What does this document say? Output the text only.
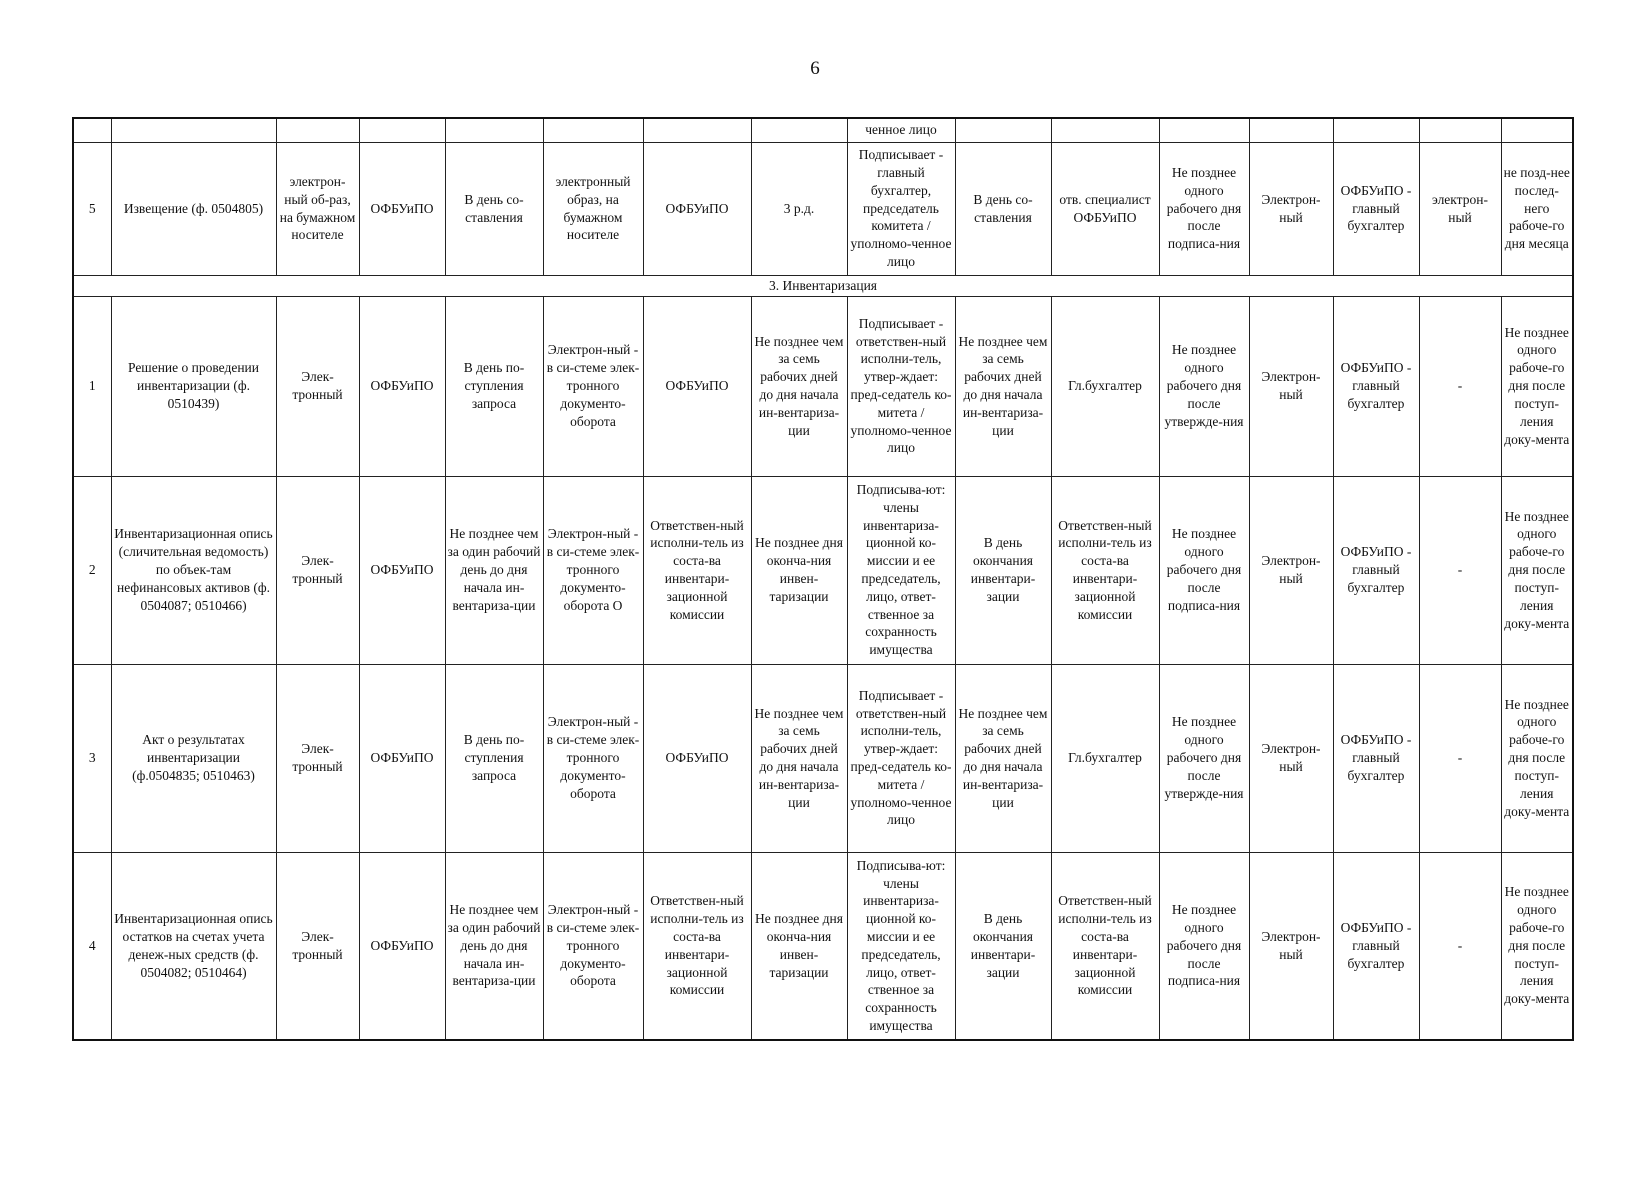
6
								ченное лицо							
5	Извещение (ф. 0504805)	электрон-ный об-раз, на бумажном носителе	ОФБУиПО	В день со-ставления	электронный образ, на бумажном носителе	ОФБУиПО	3 р.д.	Подписывает - главный бухгалтер, председатель комитета / уполномо-ченное лицо	В день со-ставления	отв. специалист ОФБУиПО	Не позднее одного рабочего дня после подписа-ния	Электрон-ный	ОФБУиПО - главный бухгалтер	электрон-ный	не позд-нее послед-него рабоче-го дня месяца
3. Инвентаризация															
1	Решение о проведении инвентаризации (ф. 0510439)	Элек-тронный	ОФБУиПО	В день по-ступления запроса	Электрон-ный - в си-стеме элек-тронного документо-оборота	ОФБУиПО	Не позднее чем за семь рабочих дней до дня начала ин-вентариза-ции	Подписывает - ответствен-ный исполни-тель, утвер-ждает: пред-седатель ко-митета / уполномо-ченное лицо	Не позднее чем за семь рабочих дней до дня начала ин-вентариза-ции	Гл.бухгалтер	Не позднее одного рабочего дня после утвержде-ния	Электрон-ный	ОФБУиПО - главный бухгалтер	-	Не позднее одного рабоче-го дня после поступ-ления доку-мента
2	Инвентаризационная опись (сличительная ведомость) по объек-там нефинансовых активов (ф. 0504087; 0510466)	Элек-тронный	ОФБУиПО	Не позднее чем за один рабочий день до дня начала ин-вентариза-ции	Электрон-ный - в си-стеме элек-тронного документо-оборота О	Ответствен-ный исполни-тель из соста-ва инвентари-зационной комиссии	Не позднее дня оконча-ния инвен-таризации	Подписыва-ют: члены инвентариза-ционной ко-миссии и ее председатель, лицо, ответ-ственное за сохранность имущества	В день окончания инвентари-зации	Ответствен-ный исполни-тель из соста-ва инвентари-зационной комиссии	Не позднее одного рабочего дня после подписа-ния	Электрон-ный	ОФБУиПО - главный бухгалтер	-	Не позднее одного рабоче-го дня после поступ-ления доку-мента
3	Акт о результатах инвентаризации (ф.0504835; 0510463)	Элек-тронный	ОФБУиПО	В день по-ступления запроса	Электрон-ный - в си-стеме элек-тронного документо-оборота	ОФБУиПО	Не позднее чем за семь рабочих дней до дня начала ин-вентариза-ции	Подписывает - ответствен-ный исполни-тель, утвер-ждает: пред-седатель ко-митета / уполномо-ченное лицо	Не позднее чем за семь рабочих дней до дня начала ин-вентариза-ции	Гл.бухгалтер	Не позднее одного рабочего дня после утвержде-ния	Электрон-ный	ОФБУиПО - главный бухгалтер	-	Не позднее одного рабоче-го дня после поступ-ления доку-мента
4	Инвентаризационная опись остатков на счетах учета денеж-ных средств (ф. 0504082; 0510464)	Элек-тронный	ОФБУиПО	Не позднее чем за один рабочий день до дня начала ин-вентариза-ции	Электрон-ный - в си-стеме элек-тронного документо-оборота	Ответствен-ный исполни-тель из соста-ва инвентари-зационной комиссии	Не позднее дня оконча-ния инвен-таризации	Подписыва-ют: члены инвентариза-ционной ко-миссии и ее председатель, лицо, ответ-ственное за сохранность имущества	В день окончания инвентари-зации	Ответствен-ный исполни-тель из соста-ва инвентари-зационной комиссии	Не позднее одного рабочего дня после подписа-ния	Электрон-ный	ОФБУиПО - главный бухгалтер	-	Не позднее одного рабоче-го дня после поступ-ления доку-мента
